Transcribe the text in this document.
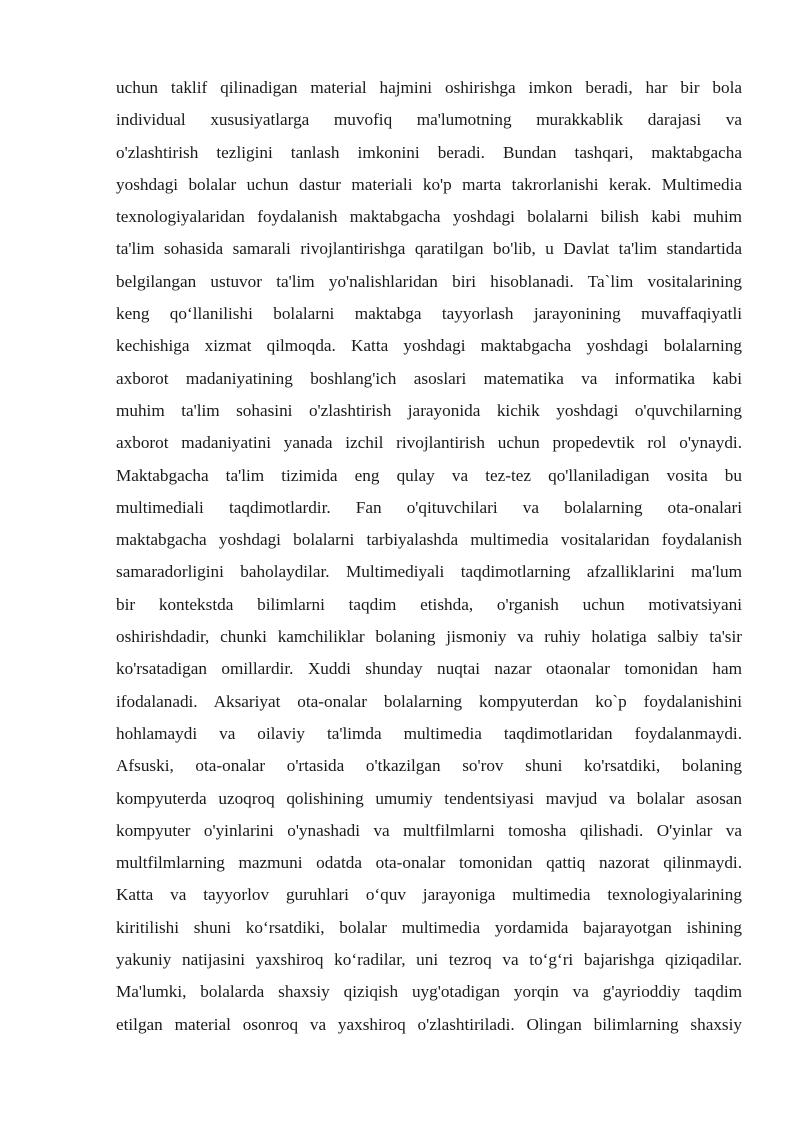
uchun taklif qilinadigan material hajmini oshirishga imkon beradi, har bir bola
individual xususiyatlarga muvofiq ma'lumotning murakkablik darajasi va
o'zlashtirish tezligini tanlash imkonini beradi. Bundan tashqari, maktabgacha
yoshdagi bolalar uchun dastur materiali ko'p marta takrorlanishi kerak. Multimedia
texnologiyalaridan foydalanish maktabgacha yoshdagi bolalarni bilish kabi muhim
ta'lim sohasida samarali rivojlantirishga qaratilgan bo'lib, u Davlat ta'lim standartida
belgilangan ustuvor ta'lim yo'nalishlaridan biri hisoblanadi. Ta`lim vositalarining
keng qo‘llanilishi bolalarni maktabga tayyorlash jarayonining muvaffaqiyatli
kechishiga xizmat qilmoqda. Katta yoshdagi maktabgacha yoshdagi bolalarning
axborot madaniyatining boshlang'ich asoslari matematika va informatika kabi
muhim ta'lim sohasini o'zlashtirish jarayonida kichik yoshdagi o'quvchilarning
axborot madaniyatini yanada izchil rivojlantirish uchun propedevtik rol o'ynaydi.
Maktabgacha ta'lim tizimida eng qulay va tez-tez qo'llaniladigan vosita bu
multimediali taqdimotlardir. Fan o'qituvchilari va bolalarning ota-onalari
maktabgacha yoshdagi bolalarni tarbiyalashda multimedia vositalaridan foydalanish
samaradorligini baholaydilar. Multimediyali taqdimotlarning afzalliklarini ma'lum
bir kontekstda bilimlarni taqdim etishda, o'rganish uchun motivatsiyani
oshirishdadir, chunki kamchiliklar bolaning jismoniy va ruhiy holatiga salbiy ta'sir
ko'rsatadigan omillardir. Xuddi shunday nuqtai nazar otaonalar tomonidan ham
ifodalanadi. Aksariyat ota-onalar bolalarning kompyuterdan ko`p foydalanishini
hohlamaydi va oilaviy ta'limda multimedia taqdimotlaridan foydalanmaydi.
Afsuski, ota-onalar o'rtasida o'tkazilgan so'rov shuni ko'rsatdiki, bolaning
kompyuterda uzoqroq qolishining umumiy tendentsiyasi mavjud va bolalar asosan
kompyuter o'yinlarini o'ynashadi va multfilmlarni tomosha qilishadi. O'yinlar va
multfilmlarning mazmuni odatda ota-onalar tomonidan qattiq nazorat qilinmaydi.
Katta va tayyorlov guruhlari o‘quv jarayoniga multimedia texnologiyalarining
kiritilishi shuni ko‘rsatdiki, bolalar multimedia yordamida bajarayotgan ishining
yakuniy natijasini yaxshiroq ko‘radilar, uni tezroq va to‘g‘ri bajarishga qiziqadilar.
Ma'lumki, bolalarda shaxsiy qiziqish uyg'otadigan yorqin va g'ayrioddiy taqdim
etilgan material osonroq va yaxshiroq o'zlashtiriladi. Olingan bilimlarning shaxsiy
